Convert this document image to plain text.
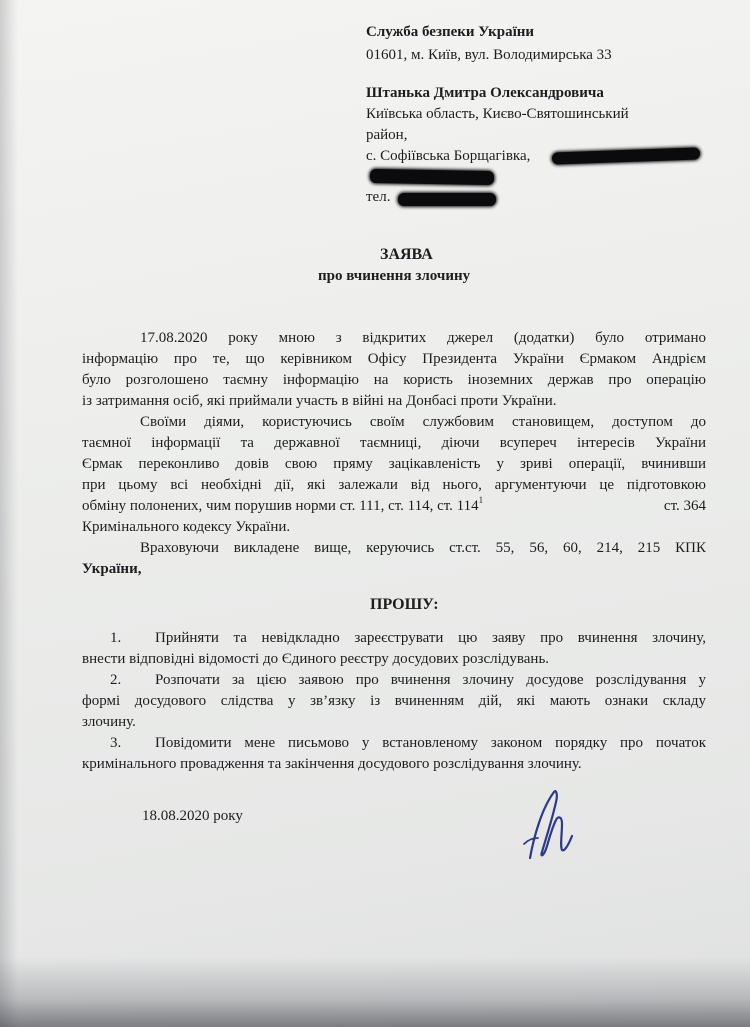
Служба безпеки України
01601, м. Київ, вул. Володимирська 33
Штанька Дмитра Олександровича
Київська область, Києво-Святошинський
район,
с. Софіївська Борщагівка,
тел.
ЗАЯВА
про вчинення злочину
17.08.2020 року мною з відкритих джерел (додатки) було отримано
інформацію про те, що керівником Офісу Президента України Єрмаком Андрієм
було розголошено таємну інформацію на користь іноземних держав про операцію
із затримання осіб, які приймали участь в війні на Донбасі проти України.
Своїми діями, користуючись своїм службовим становищем, доступом до
таємної інформації та державної таємниці, діючи всупереч інтересів України
Єрмак переконливо довів свою пряму зацікавленість у зриві операції, вчинивши
при цьому всі необхідні дії, які залежали від нього, аргументуючи це підготовкою
обміну полонених, чим порушив норми ст. 111, ст. 114, ст. $114^1$	ст. 364
Кримінального кодексу України.
Враховуючи викладене вище, керуючись ст.ст. 55, 56, 60, 214, 215 КПК
України,
ПРОШУ:
1. Прийняти та невідкладно зареєструвати цю заяву про вчинення злочину,
внести відповідні відомості до Єдиного реєстру досудових розслідувань.
2. Розпочати за цією заявою про вчинення злочину досудове розслідування у
формі досудового слідства у зв’язку із вчиненням дій, які мають ознаки складу
злочину.
3. Повідомити мене письмово у встановленому законом порядку про початок
кримінального провадження та закінчення досудового розслідування злочину.
18.08.2020 року
